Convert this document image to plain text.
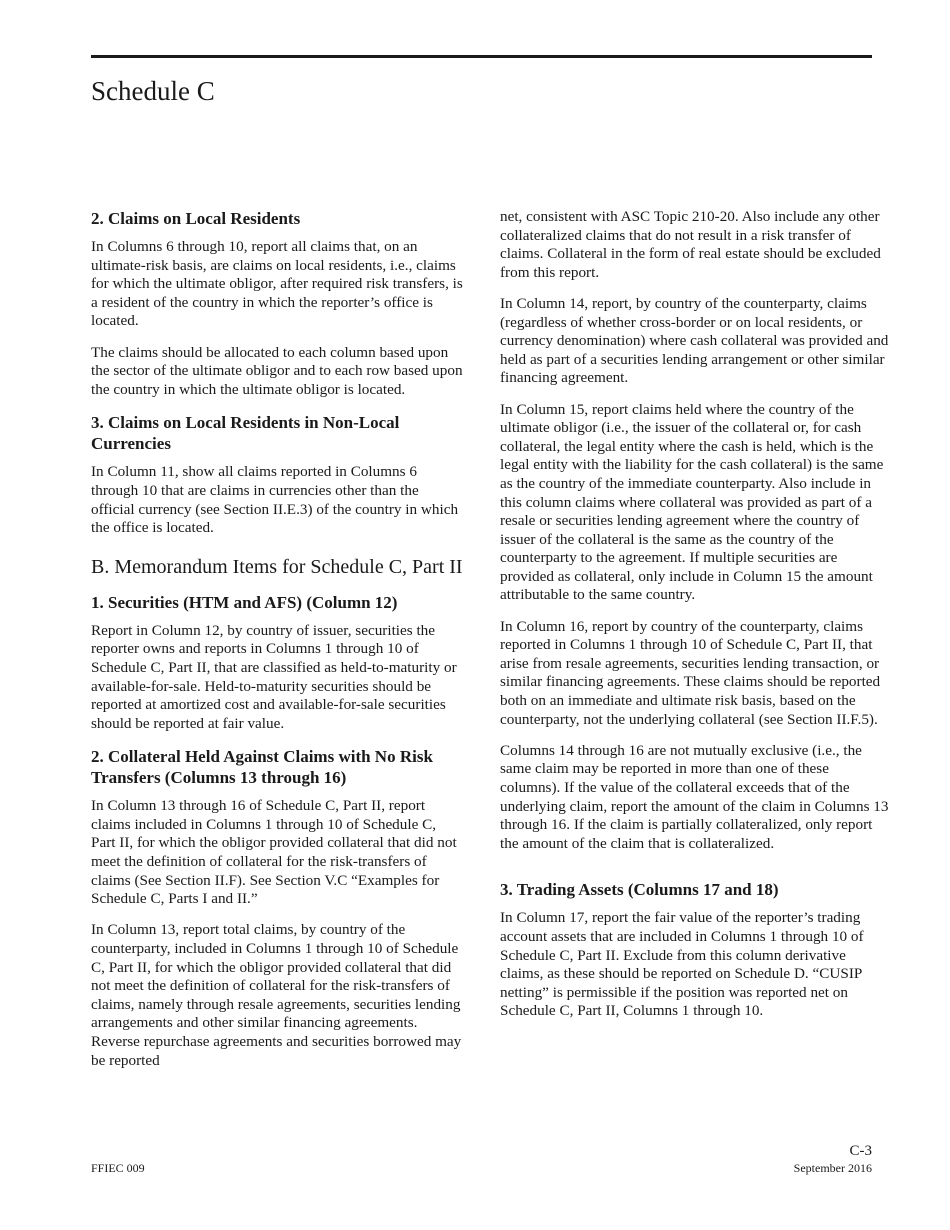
Schedule C
2. Claims on Local Residents

In Columns 6 through 10, report all claims that, on an ultimate-risk basis, are claims on local residents, i.e., claims for which the ultimate obligor, after required risk transfers, is a resident of the country in which the reporter’s office is located.

The claims should be allocated to each column based upon the sector of the ultimate obligor and to each row based upon the country in which the ultimate obligor is located.

3. Claims on Local Residents in Non-Local Currencies

In Column 11, show all claims reported in Columns 6 through 10 that are claims in currencies other than the official currency (see Section II.E.3) of the country in which the office is located.

B. Memorandum Items for Schedule C, Part II
1. Securities (HTM and AFS) (Column 12)

Report in Column 12, by country of issuer, securities the reporter owns and reports in Columns 1 through 10 of Schedule C, Part II, that are classified as held-to-maturity or available-for-sale. Held-to-maturity securities should be reported at amortized cost and available-for-sale securities should be reported at fair value.

2. Collateral Held Against Claims with No Risk Transfers (Columns 13 through 16)

In Column 13 through 16 of Schedule C, Part II, report claims included in Columns 1 through 10 of Schedule C, Part II, for which the obligor provided collateral that did not meet the definition of collateral for the risk-transfers of claims (See Section II.F). See Section V.C “Examples for Schedule C, Parts I and II.”

In Column 13, report total claims, by country of the counterparty, included in Columns 1 through 10 of Schedule C, Part II, for which the obligor provided collateral that did not meet the definition of collateral for the risk-transfers of claims, namely through resale agreements, securities lending arrangements and other similar financing agreements. Reverse repurchase agreements and securities borrowed may be reported

net, consistent with ASC Topic 210-20. Also include any other collateralized claims that do not result in a risk transfer of claims. Collateral in the form of real estate should be excluded from this report.

In Column 14, report, by country of the counterparty, claims (regardless of whether cross-border or on local residents, or currency denomination) where cash collateral was provided and held as part of a securities lending arrangement or other similar financing agreement.

In Column 15, report claims held where the country of the ultimate obligor (i.e., the issuer of the collateral or, for cash collateral, the legal entity where the cash is held, which is the legal entity with the liability for the cash collateral) is the same as the country of the immediate counterparty. Also include in this column claims where collateral was provided as part of a resale or securities lending agreement where the country of issuer of the collateral is the same as the country of the counterparty to the agreement. If multiple securities are provided as collateral, only include in Column 15 the amount attributable to the same country.

In Column 16, report by country of the counterparty, claims reported in Columns 1 through 10 of Schedule C, Part II, that arise from resale agreements, securities lending transaction, or similar financing agreements. These claims should be reported both on an immediate and ultimate risk basis, based on the counterparty, not the underlying collateral (see Section II.F.5).

Columns 14 through 16 are not mutually exclusive (i.e., the same claim may be reported in more than one of these columns). If the value of the collateral exceeds that of the underlying claim, report the amount of the claim in Columns 13 through 16. If the claim is partially collateralized, only report the amount of the claim that is collateralized.

3. Trading Assets (Columns 17 and 18)

In Column 17, report the fair value of the reporter’s trading account assets that are included in Columns 1 through 10 of Schedule C, Part II. Exclude from this column derivative claims, as these should be reported on Schedule D. “CUSIP netting” is permissible if the position was reported net on Schedule C, Part II, Columns 1 through 10.

FFIEC 009
C-3
September 2016
